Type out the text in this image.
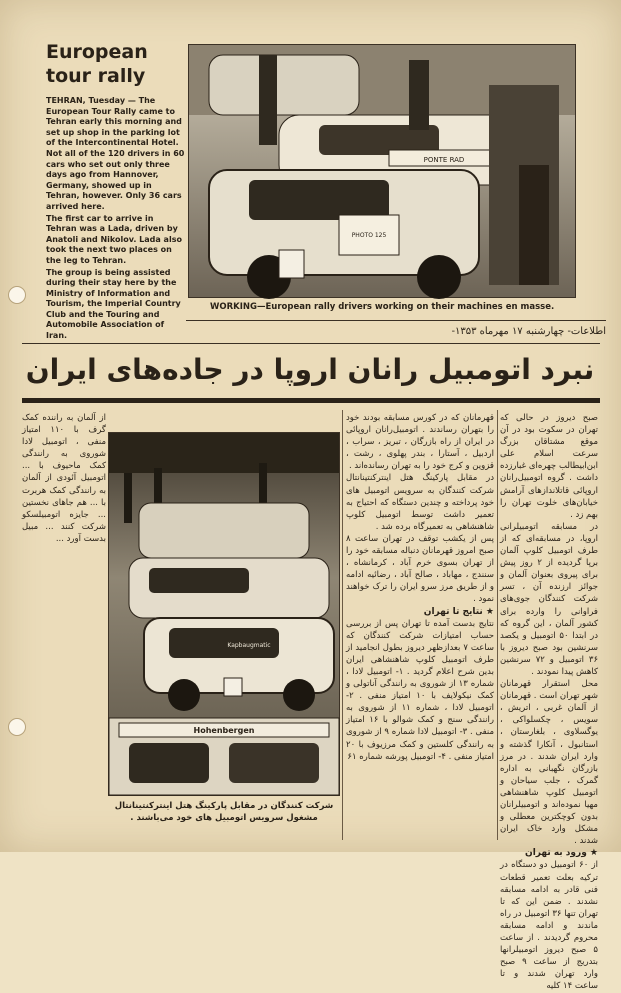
European
tour rally

TEHRAN, Tuesday — The European Tour Rally came to Tehran early this morning and set up shop in the parking lot of the Intercontinental Hotel. Not all of the 120 drivers in 60 cars who set out only three days ago from Hannover, Germany, showed up in Tehran, however. Only 36 cars arrived here.

The first car to arrive in Tehran was a Lada, driven by Anatoli and Nikolov. Lada also took the next two places on the leg to Tehran.

The group is being assisted during their stay here by the Ministry of Information and Tourism, the Imperial Country Club and the Touring and Automobile Association of Iran.

PONTE RAD
PHOTO 125
WORKING—European rally drivers working on their machines en masse.
اطلاعات- چهارشنبه ۱۷ مهرماه ۱۳۵۳-
نبرد اتومبیل رانان اروپا در جاده‌های ایران

صبح دیروز در حالی که تهران در سکوت بود در آن موقع مشتاقان بزرگ سرعت اسلام علی ابن‌ابیطالب چهره‌ای غبارزده داشت . گروه اتومبیل‌رانان اروپائی قاتلانداز‌های آرامش خیابان‌های خلوت تهران را بهم زد .

در مسابقه اتومبیلرانی اروپا، در مسابقه‌ای که از طرف اتومبیل کلوپ آلمان برپا گردیده از ۲ روز پیش برای پیروی بعنوان آلمان و جوائز ارزنده آن ، تسر شرکت کنندگان جوی‌های فراوانی را وارده برای کشور آلمان ، این گروه که در ابتدا ۵۰ اتومبیل و یکصد سرنشین بود صبح دیروز با ۳۶ اتومبیل و ۷۲ سرنشین کاهش پیدا نمودند .

محل استقرار قهرمانان شهر تهران است . قهرمانان از آلمان غربی ، اتریش ، سویس ، چکسلواکی ، یوگسلاوی ، بلغارستان ، استانبول ، آنکارا گذشته و وارد ایران شدند . در مرز بازرگان نگهبانی به اداره گمرک ، جلب سیاحان و اتومبیل کلوپ شاهنشاهی مهیا نموده‌اند و اتومبیلرانان بدون کوچکترین معطلی و مشکل وارد خاک ایران شدند .

★ ورود به تهران

از ۶۰ اتومبیل دو دستگاه در ترکیه بعلت تعمیر قطعات فنی قادر به ادامه مسابقه نشدند . ضمن این که تا تهران تنها ۳۶ اتومبیل در راه ماندند و ادامه مسابقه محروم گردیدند . از ساعت ۵ صبح دیروز اتومبیلرانها بتدریج از ساعت ۹ صبح وارد تهران شدند و تا ساعت ۱۴ کلیه

قهرمانان که در کورس مسابقه بودند خود را بتهران رساندند . اتومبیل‌رانان اروپائی در ایران از راه بازرگان ، تبریز ، سراب ، اردبیل ، آستارا ، بندر پهلوی ، رشت ، قزوین و کرج خود را به تهران رسانده‌اند .

در مقابل پارکینگ هتل اینترکنتینانتال شرکت کنندگان به سرویس اتومبیل های خود پرداخته و چندین دستگاه که احتیاج به تعمیر داشت توسط اتومبیل کلوپ شاهنشاهی به تعمیرگاه برده شد .

پس از یکشب توقف در تهران ساعت ۸ صبح امروز قهرمانان دنباله مسابقه خود را از تهران بسوی خرم آباد ، کرمانشاه ، سنندج ، مهاباد ، صالح آباد ، رضائیه ادامه و از طریق مرز سرو ایران را ترک خواهند نمود .

★ نتایج تا تهران

نتایج بدست آمده تا تهران پس از بررسی حساب امتیازات شرکت کنندگان که ساعت ۷ بعدازظهر دیروز بطول انجامید از طرف اتومبیل کلوپ شاهنشاهی ایران بدین شرح اعلام گردید . ۱- اتومبیل لادا ، شماره ۱۳ از شوروی به رانندگی آناتولی و کمک نیکولایف با ۱۰ امتیاز منفی . ۲- اتومبیل لادا ، شماره ۱۱ از شوروی به رانندگی سنج و کمک شوالو با ۱۶ امتیاز منفی . ۳- اتومبیل لادا شماره ۹ از شوروی به رانندگی کلستین و کمک مرزیوف با ۲۰ امتیاز منفی . ۴- اتومبیل پورشه شماره ۶۱

از آلمان به راننده کمک گرف با ۱۱۰ امتیاز منفی ، اتومبیل لادا شوروی به رانندگی کمک ماحیوف با ... اتومبیل آئودی از آلمان به رانندگی کمک هربرت با ... هم جاهای نخستین ... جایزه اتومبیلسکو شرکت کنند ... مبیل بدست آورد ...

Hohenbergen
Kapbaugmatic
شرکت کنندگان در مقابل پارکینگ هتل اینترکنتینانتال مشغول سرویس اتومبیل های خود می‌باشند .
